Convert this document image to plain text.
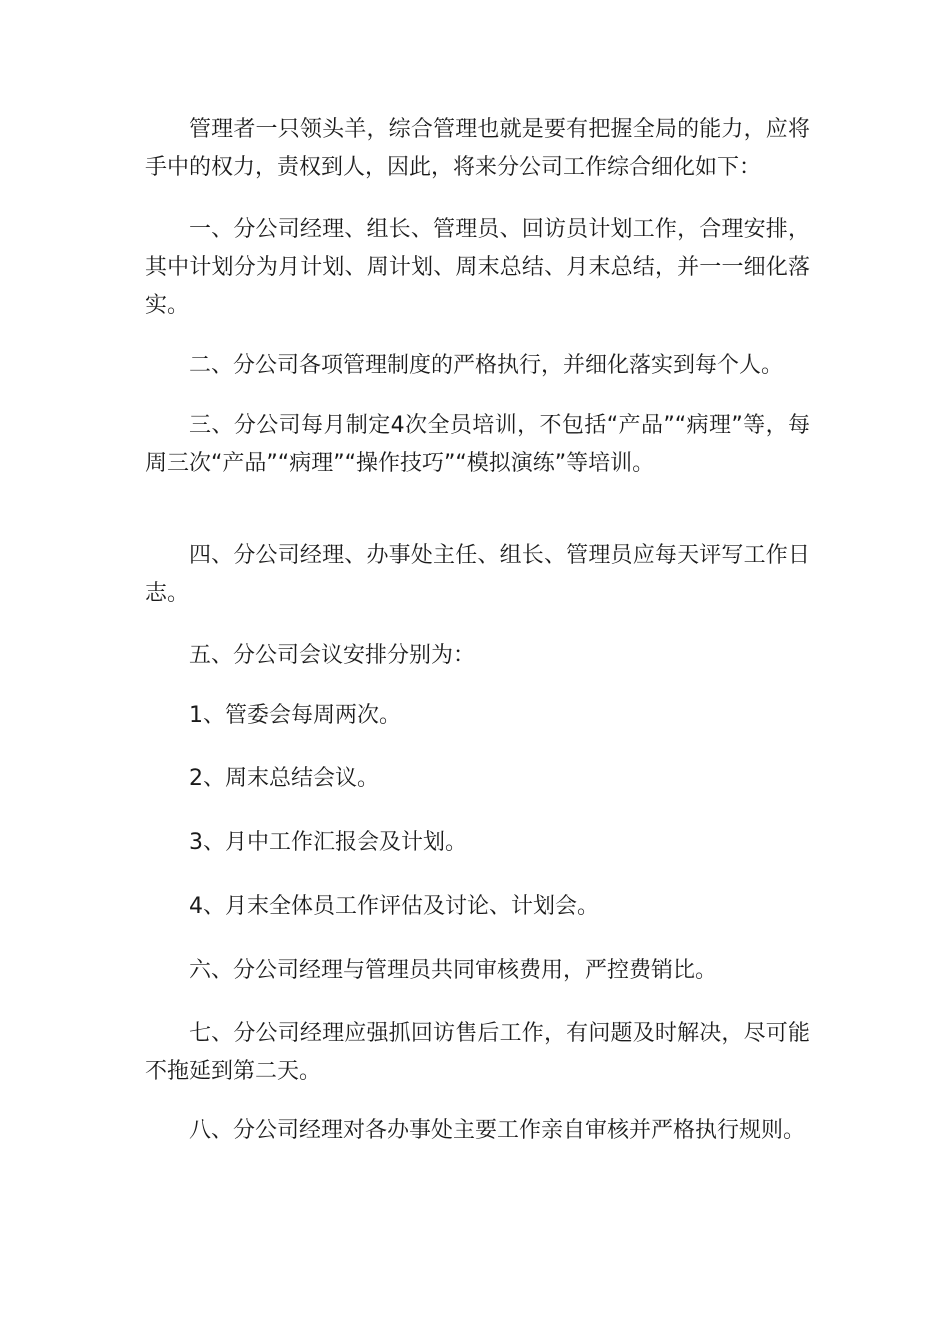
管理者一只领头羊，综合管理也就是要有把握全局的能力，应将手中的权力，责权到人，因此，将来分公司工作综合细化如下：

一、分公司经理、组长、管理员、回访员计划工作，合理安排，其中计划分为月计划、周计划、周末总结、月末总结，并一一细化落实。

二、分公司各项管理制度的严格执行，并细化落实到每个人。

三、分公司每月制定4次全员培训，不包括“产品”“病理”等，每周三次“产品”“病理”“操作技巧”“模拟演练”等培训。

四、分公司经理、办事处主任、组长、管理员应每天评写工作日志。

五、分公司会议安排分别为：

1、管委会每周两次。

2、周末总结会议。

3、月中工作汇报会及计划。

4、月末全体员工作评估及讨论、计划会。

六、分公司经理与管理员共同审核费用，严控费销比。

七、分公司经理应强抓回访售后工作，有问题及时解决，尽可能不拖延到第二天。

八、分公司经理对各办事处主要工作亲自审核并严格执行规则。
